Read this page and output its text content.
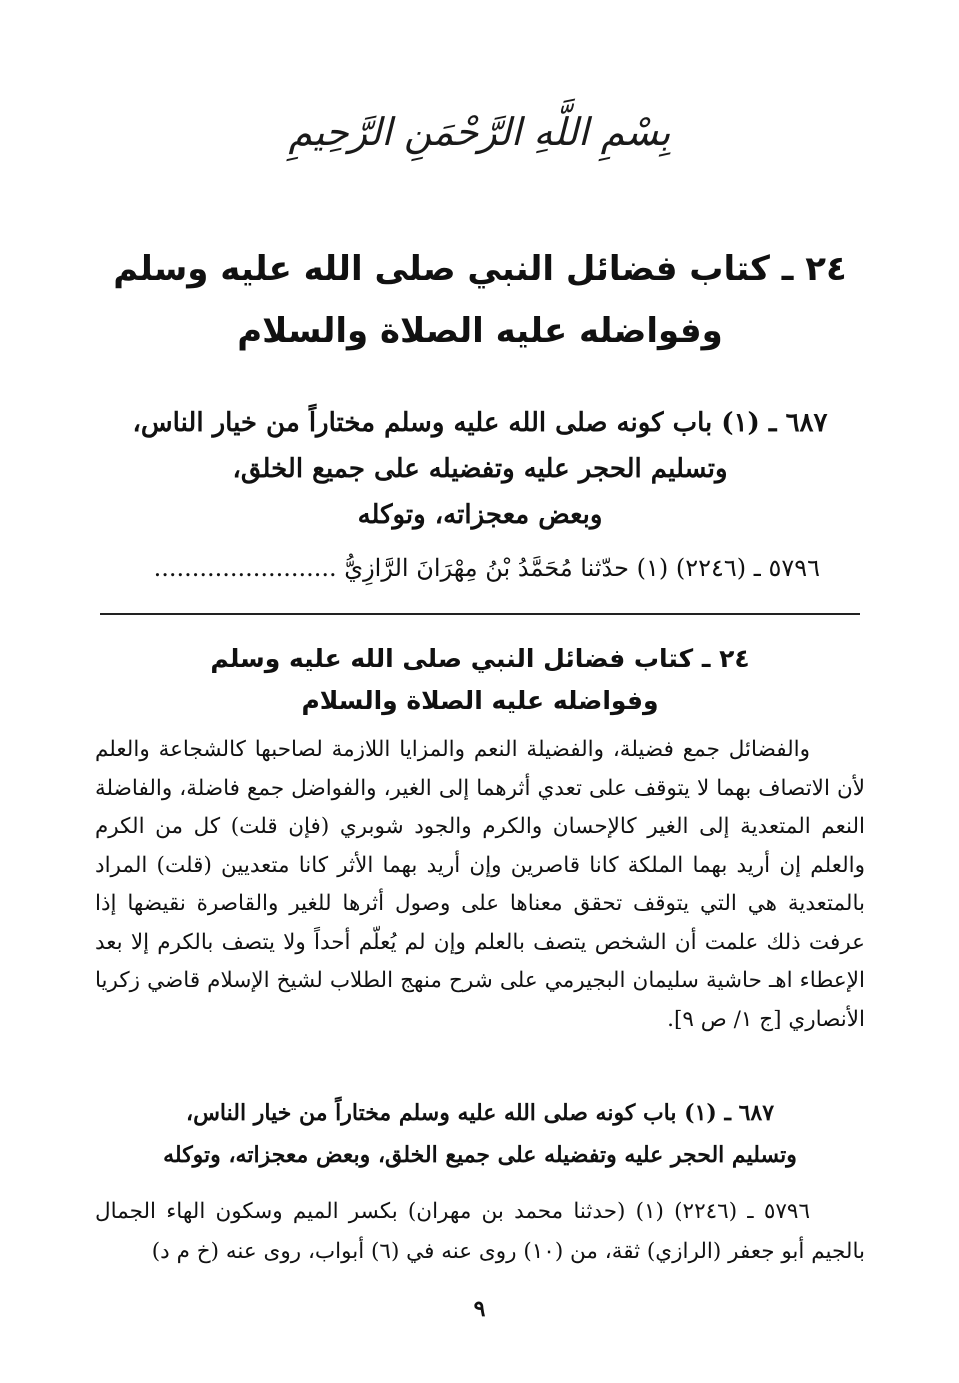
بِسْمِ اللَّهِ الرَّحْمَنِ الرَّحِيمِ
٢٤ ـ كتاب فضائل النبي صلى الله عليه وسلم
وفواضله عليه الصلاة والسلام
٦٨٧ ـ (١) باب كونه صلى الله عليه وسلم مختاراً من خيار الناس،
وتسليم الحجر عليه وتفضيله على جميع الخلق،
وبعض معجزاته، وتوكله
٥٧٩٦ ـ (٢٢٤٦) (١) حدّثنا مُحَمَّدُ بْنُ مِهْرَانَ الرَّازِيُّ ........................
٢٤ ـ كتاب فضائل النبي صلى الله عليه وسلم
وفواضله عليه الصلاة والسلام

والفضائل جمع فضيلة، والفضيلة النعم والمزايا اللازمة لصاحبها كالشجاعة والعلم لأن الاتصاف بهما لا يتوقف على تعدي أثرهما إلى الغير، والفواضل جمع فاضلة، والفاضلة النعم المتعدية إلى الغير كالإحسان والكرم والجود شوبري (فإن قلت) كل من الكرم والعلم إن أريد بهما الملكة كانا قاصرين وإن أريد بهما الأثر كانا متعديين (قلت) المراد بالمتعدية هي التي يتوقف تحقق معناها على وصول أثرها للغير والقاصرة نقيضها إذا عرفت ذلك علمت أن الشخص يتصف بالعلم وإن لم يُعلّم أحداً ولا يتصف بالكرم إلا بعد الإعطاء اهـ حاشية سليمان البجيرمي على شرح منهج الطلاب لشيخ الإسلام قاضي زكريا الأنصاري [ج ١/ ص ٩].

٦٨٧ ـ (١) باب كونه صلى الله عليه وسلم مختاراً من خيار الناس،
وتسليم الحجر عليه وتفضيله على جميع الخلق، وبعض معجزاته، وتوكله

٥٧٩٦ ـ (٢٢٤٦) (١) (حدثنا محمد بن مهران) بكسر الميم وسكون الهاء الجمال بالجيم أبو جعفر (الرازي) ثقة، من (١٠) روى عنه في (٦) أبواب، روى عنه (خ م د)

٩
